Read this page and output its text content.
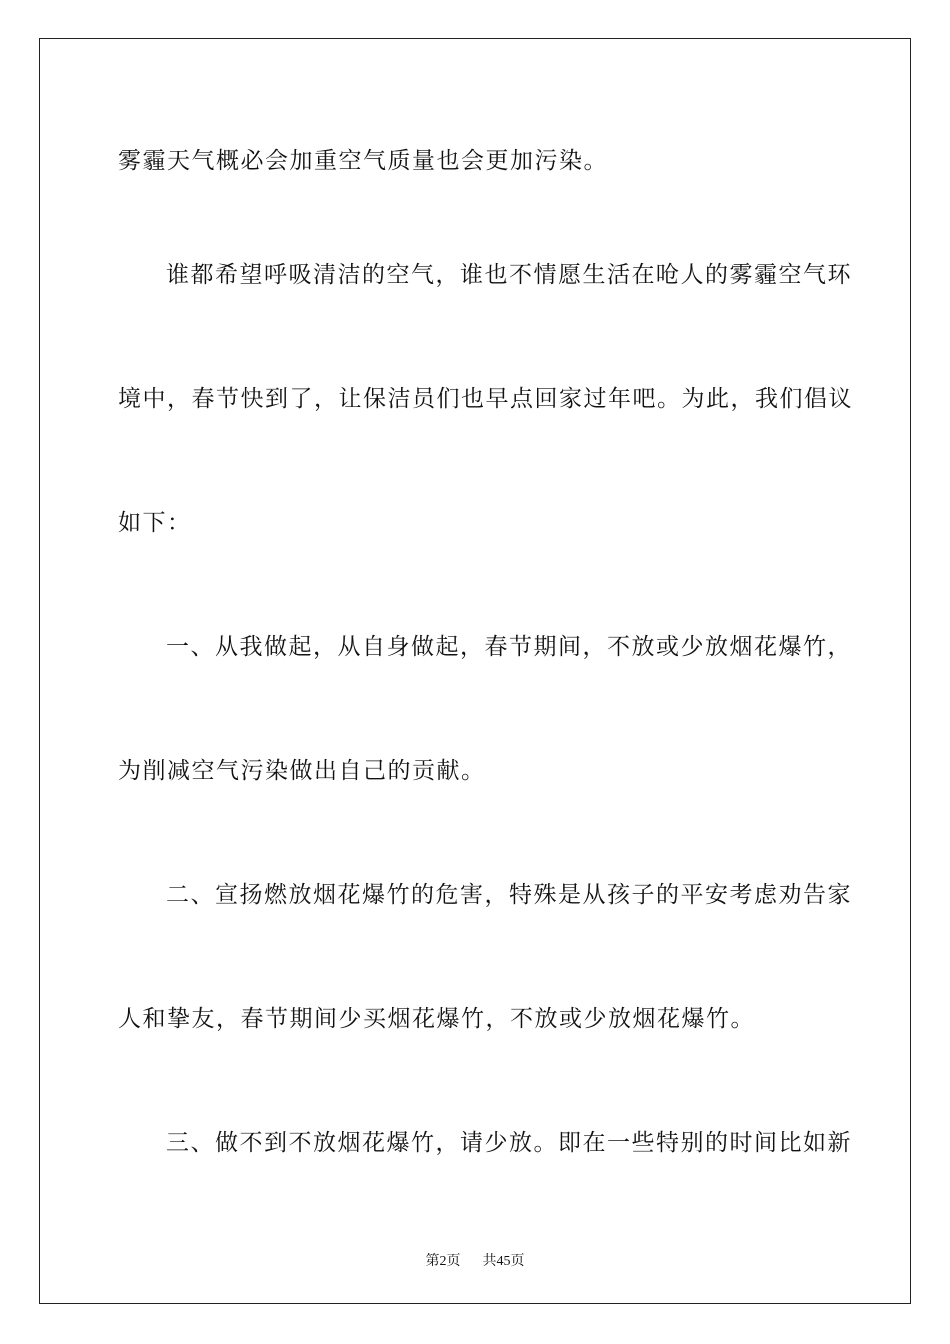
雾霾天气概必会加重空气质量也会更加污染。
谁都希望呼吸清洁的空气，谁也不情愿生活在呛人的雾霾空气环
境中，春节快到了，让保洁员们也早点回家过年吧。为此，我们倡议
如下：
一、从我做起，从自身做起，春节期间，不放或少放烟花爆竹，
为削减空气污染做出自己的贡献。
二、宣扬燃放烟花爆竹的危害，特殊是从孩子的平安考虑劝告家
人和挚友，春节期间少买烟花爆竹，不放或少放烟花爆竹。
三、做不到不放烟花爆竹，请少放。即在一些特别的时间比如新
第2页 共45页
